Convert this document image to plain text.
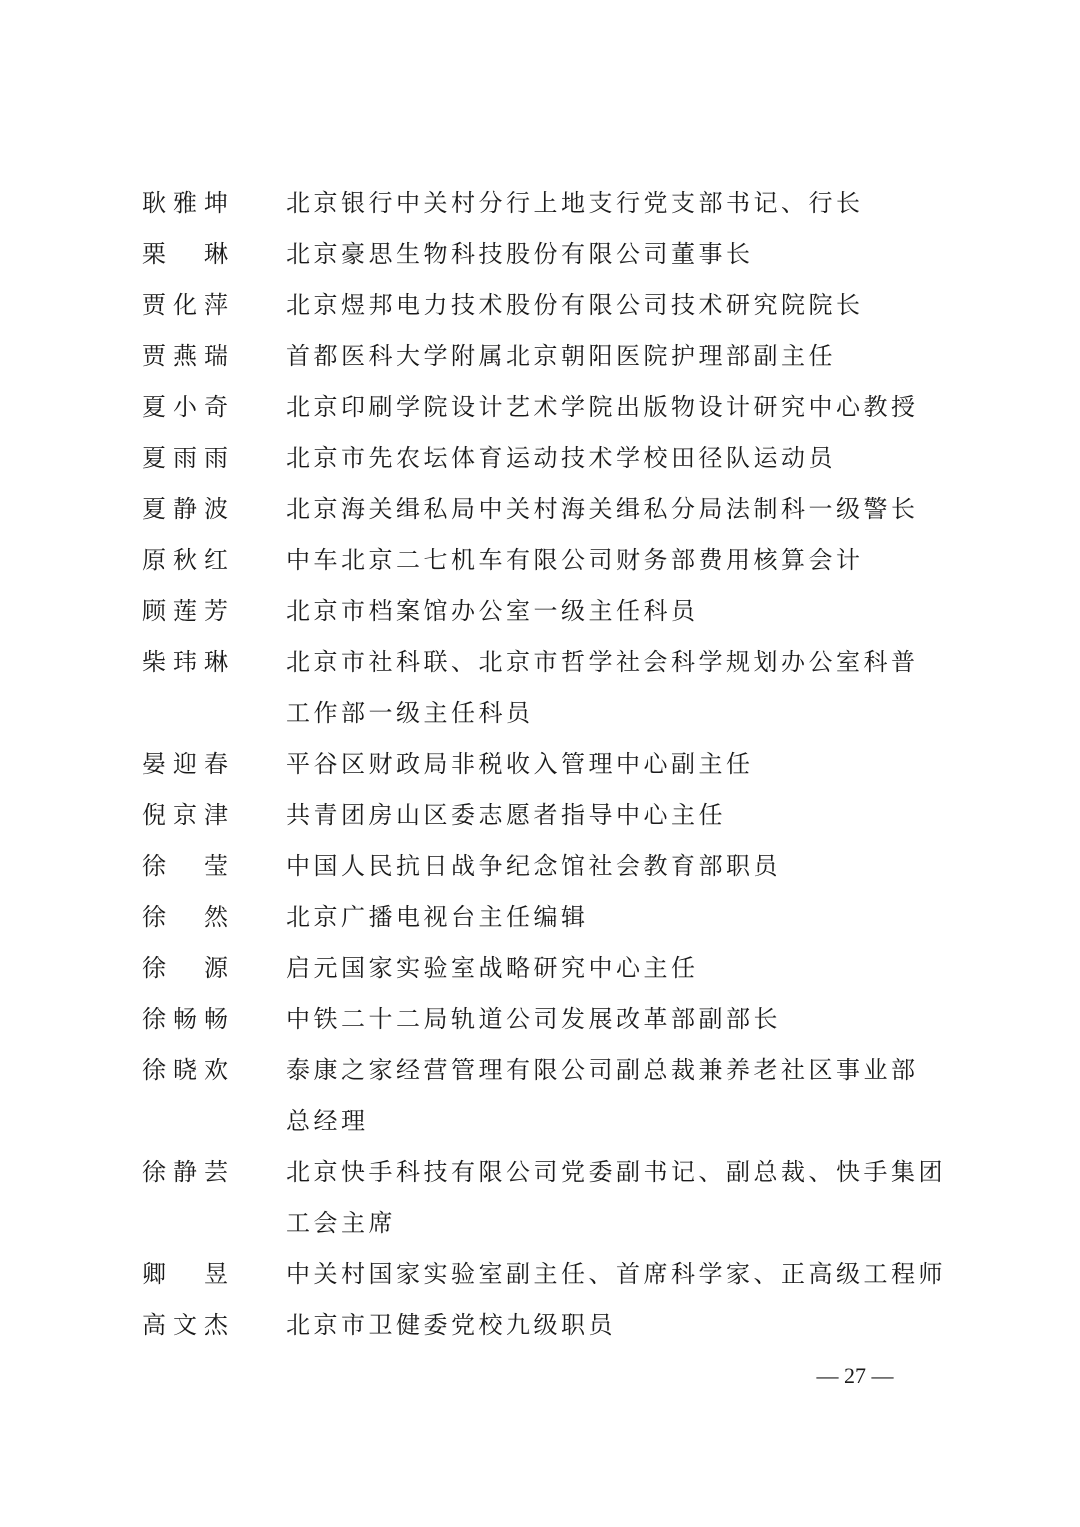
耿雅坤 北京银行中关村分行上地支行党支部书记、行长
栗 琳 北京豪思生物科技股份有限公司董事长
贾化萍 北京煜邦电力技术股份有限公司技术研究院院长
贾燕瑞 首都医科大学附属北京朝阳医院护理部副主任
夏小奇 北京印刷学院设计艺术学院出版物设计研究中心教授
夏雨雨 北京市先农坛体育运动技术学校田径队运动员
夏静波 北京海关缉私局中关村海关缉私分局法制科一级警长
原秋红 中车北京二七机车有限公司财务部费用核算会计
顾莲芳 北京市档案馆办公室一级主任科员
柴玮琳 北京市社科联、北京市哲学社会科学规划办公室科普
工作部一级主任科员
晏迎春 平谷区财政局非税收入管理中心副主任
倪京津 共青团房山区委志愿者指导中心主任
徐 莹 中国人民抗日战争纪念馆社会教育部职员
徐 然 北京广播电视台主任编辑
徐 源 启元国家实验室战略研究中心主任
徐畅畅 中铁二十二局轨道公司发展改革部副部长
徐晓欢 泰康之家经营管理有限公司副总裁兼养老社区事业部
总经理
徐静芸 北京快手科技有限公司党委副书记、副总裁、快手集团
工会主席
卿 昱 中关村国家实验室副主任、首席科学家、正高级工程师
高文杰 北京市卫健委党校九级职员
— 27 —
